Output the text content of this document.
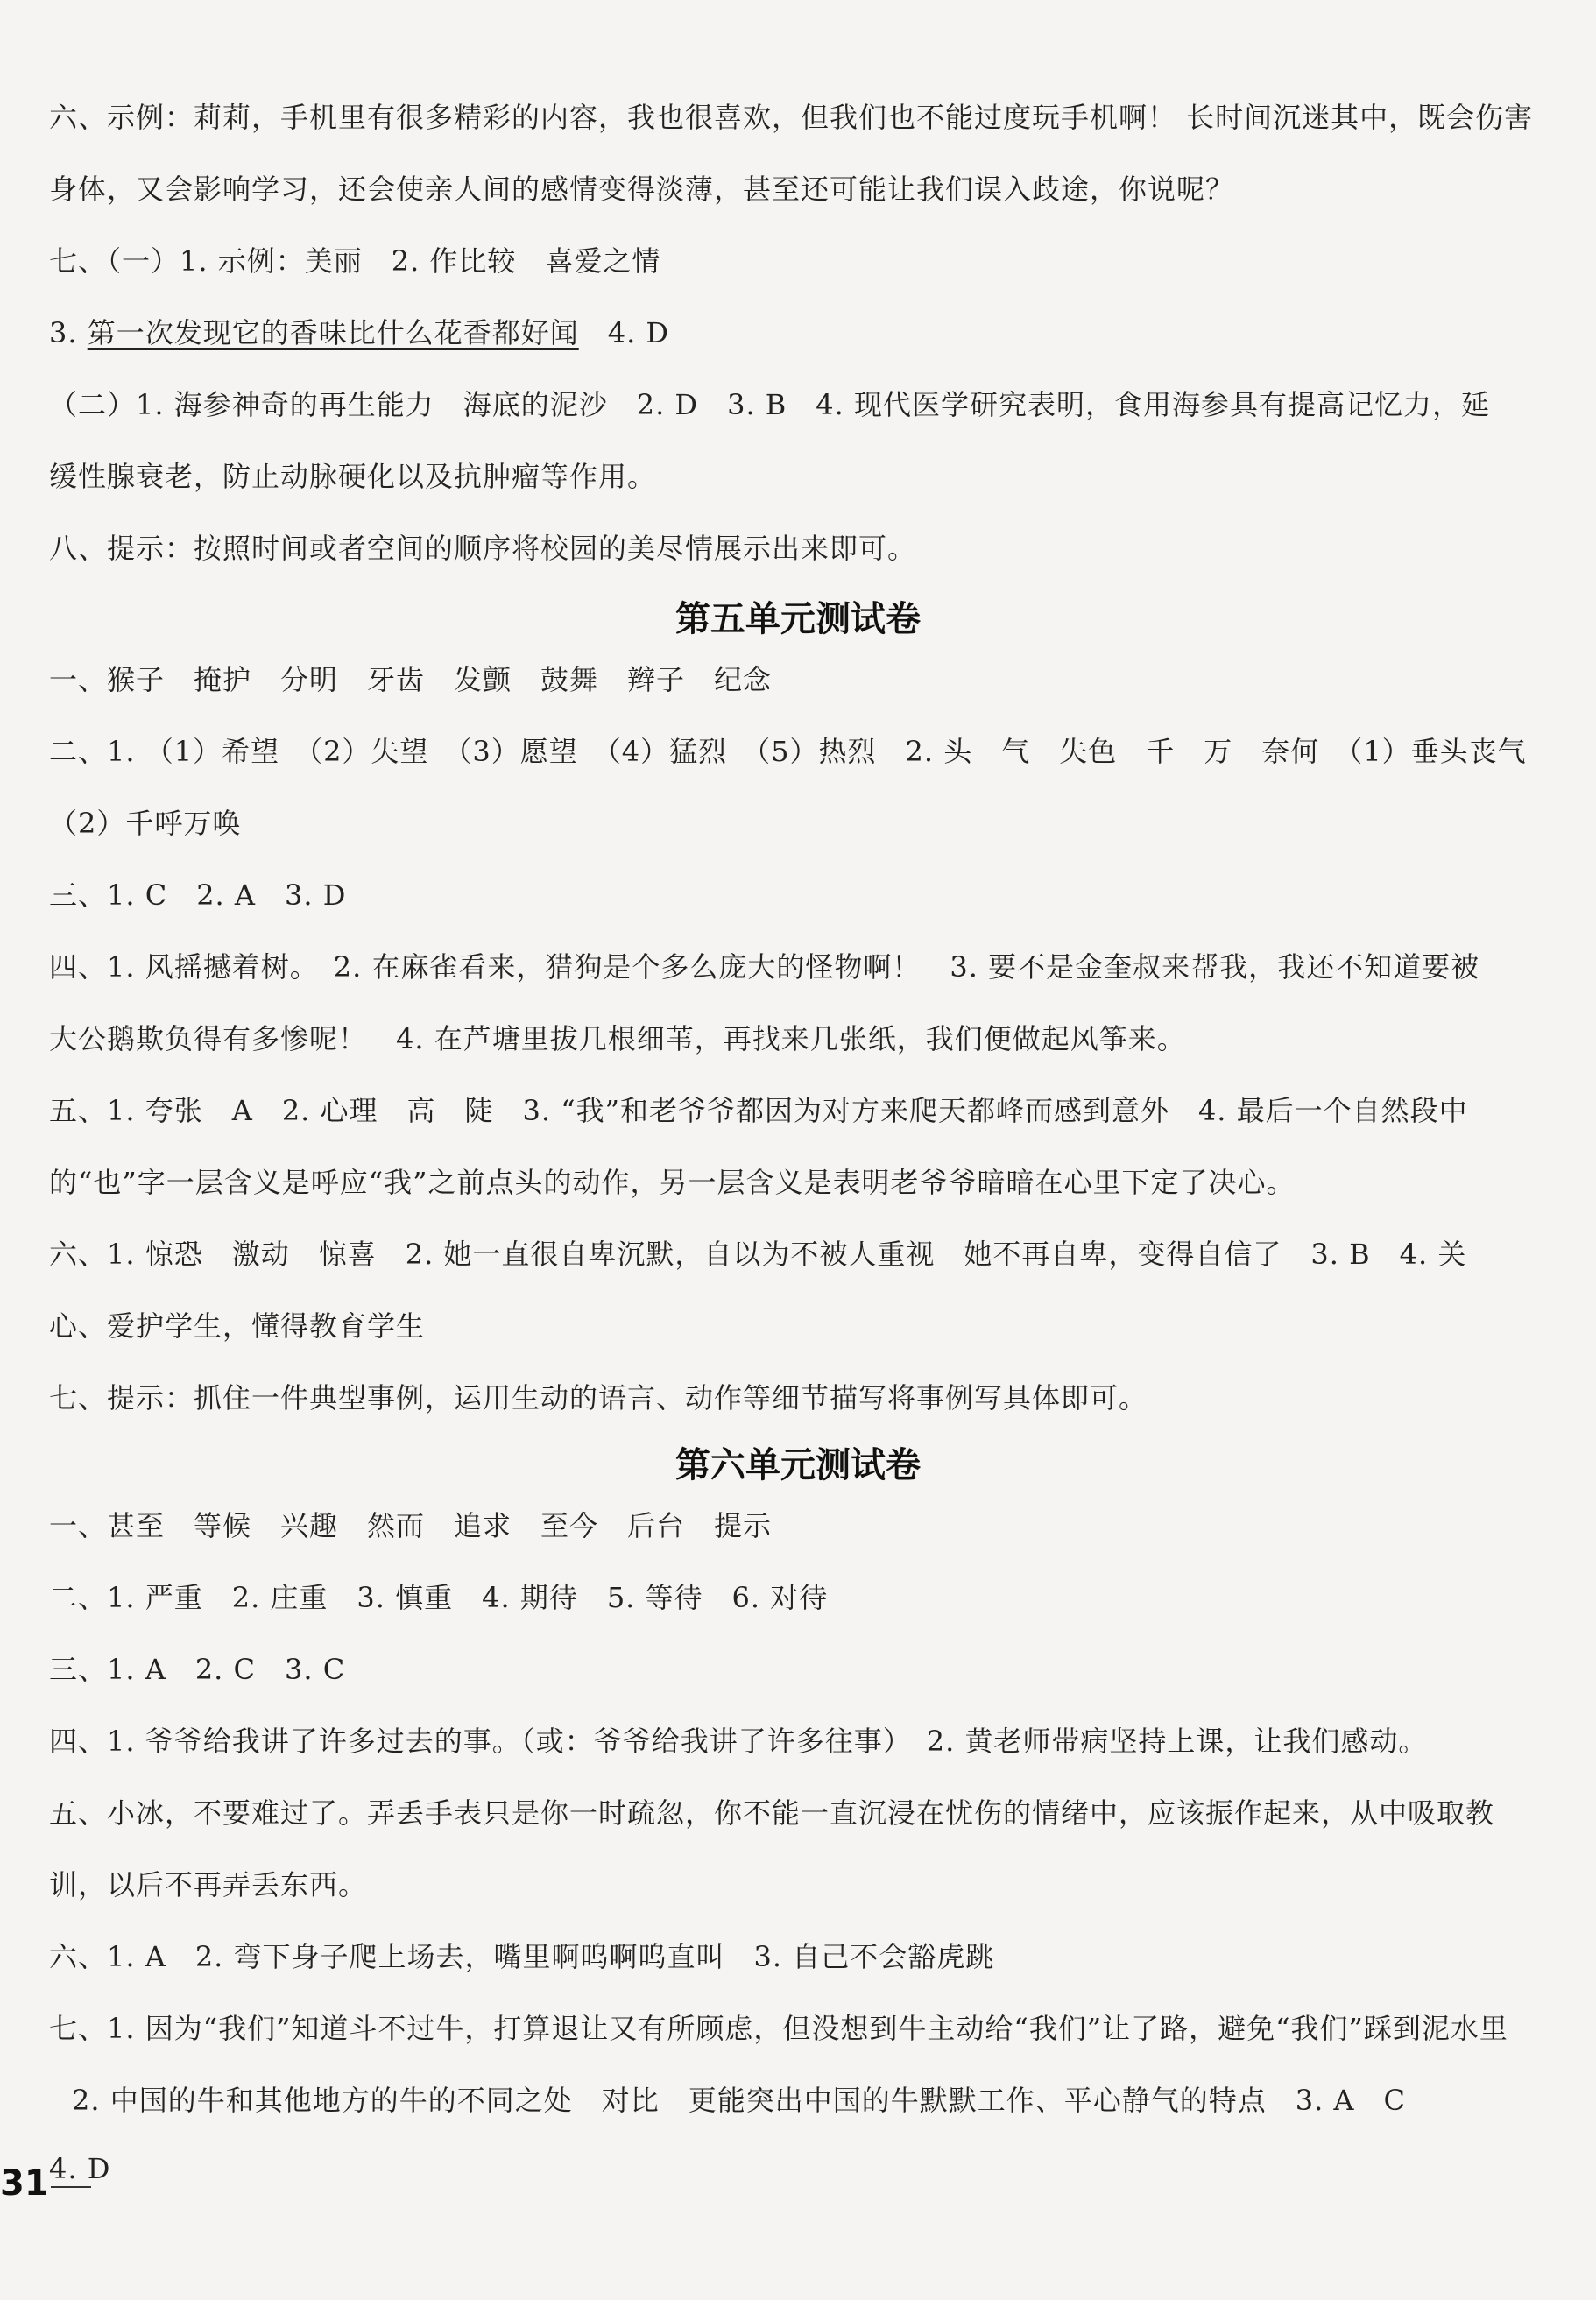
六、示例：莉莉，手机里有很多精彩的内容，我也很喜欢，但我们也不能过度玩手机啊！ 长时间沉迷其中，既会伤害
身体，又会影响学习，还会使亲人间的感情变得淡薄，甚至还可能让我们误入歧途，你说呢？
七、（一）1. 示例：美丽　2. 作比较　喜爱之情
3. 第一次发现它的香味比什么花香都好闻　4. D
（二）1. 海参神奇的再生能力　海底的泥沙　2. D　3. B　4. 现代医学研究表明，食用海参具有提高记忆力，延
缓性腺衰老，防止动脉硬化以及抗肿瘤等作用。
八、提示：按照时间或者空间的顺序将校园的美尽情展示出来即可。
第五单元测试卷
一、猴子　掩护　分明　牙齿　发颤　鼓舞　辫子　纪念
二、1. （1）希望　（2）失望　（3）愿望　（4）猛烈　（5）热烈　2. 头　气　失色　千　万　奈何　（1）垂头丧气
（2）千呼万唤
三、1. C　2. A　3. D
四、1. 风摇撼着树。　2. 在麻雀看来，猎狗是个多么庞大的怪物啊！　3. 要不是金奎叔来帮我，我还不知道要被
大公鹅欺负得有多惨呢！　4. 在芦塘里拔几根细苇，再找来几张纸，我们便做起风筝来。
五、1. 夸张　A　2. 心理　高　陡　3. “我”和老爷爷都因为对方来爬天都峰而感到意外　4. 最后一个自然段中
的“也”字一层含义是呼应“我”之前点头的动作，另一层含义是表明老爷爷暗暗在心里下定了决心。
六、1. 惊恐　激动　惊喜　2. 她一直很自卑沉默，自以为不被人重视　她不再自卑，变得自信了　3. B　4. 关
心、爱护学生，懂得教育学生
七、提示：抓住一件典型事例，运用生动的语言、动作等细节描写将事例写具体即可。
第六单元测试卷
一、甚至　等候　兴趣　然而　追求　至今　后台　提示
二、1. 严重　2. 庄重　3. 慎重　4. 期待　5. 等待　6. 对待
三、1. A　2. C　3. C
四、1. 爷爷给我讲了许多过去的事。（或：爷爷给我讲了许多往事）　2. 黄老师带病坚持上课，让我们感动。
五、小冰，不要难过了。弄丢手表只是你一时疏忽，你不能一直沉浸在忧伤的情绪中，应该振作起来，从中吸取教
训，以后不再弄丢东西。
六、1. A　2. 弯下身子爬上场去，嘴里啊呜啊呜直叫　3. 自己不会豁虎跳
七、1. 因为“我们”知道斗不过牛，打算退让又有所顾虑，但没想到牛主动给“我们”让了路，避免“我们”踩到泥水里
2. 中国的牛和其他地方的牛的不同之处　对比　更能突出中国的牛默默工作、平心静气的特点　3. A　C
4. D
31
